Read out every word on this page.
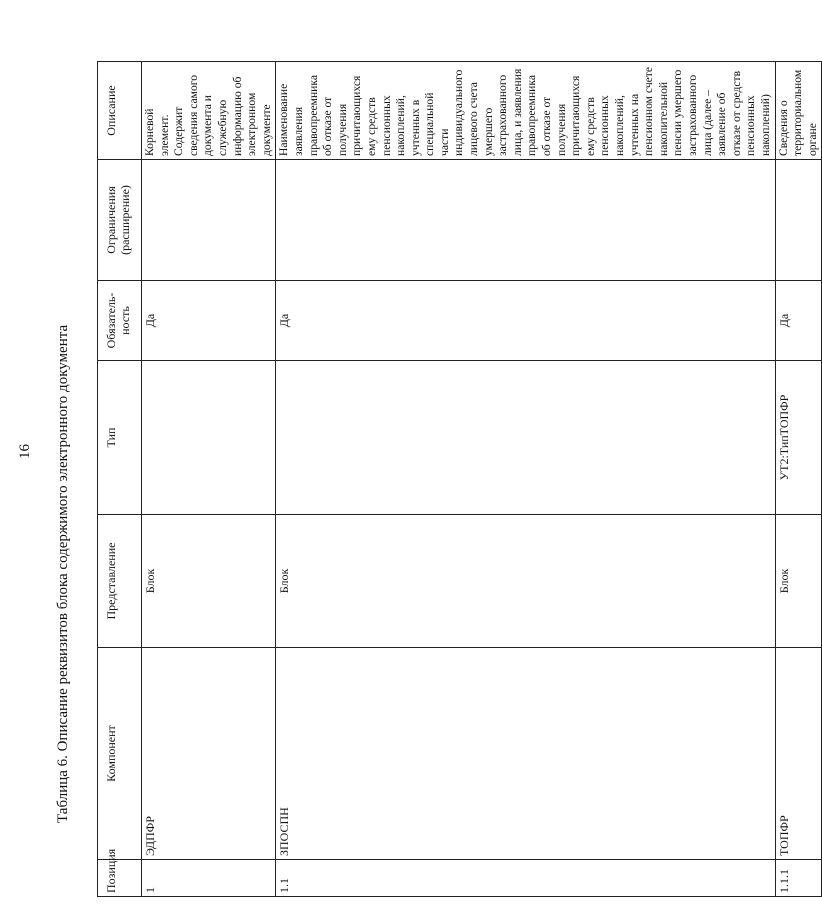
16 Таблица 6. Описание реквизитов блока содержимого электронного документа
Позиция	Компонент	Представление	Тип	Обязатель-ность	Ограничения (расширение)	Описание
1	ЭДПФР	Блок		Да		Корневой элемент. Содержит сведения самого документа и служебную информацию об электронном документе
1.1	ЗПОСПН	Блок		Да		Наименование заявления правопреемника об отказе от получения причитающихся ему средств пенсионных накоплений, учтенных в специальной части индивидуального лицевого счета умершего застрахованного лица, и заявления правопреемника об отказе от получения причитающихся ему средств пенсионных накоплений, учтенных на пенсионном счете накопительной пенсии умершего застрахованного лица (далее – заявление об отказе от средств пенсионных накоплений)
1.1.1	ТОПФР	Блок	УТ2:ТипТОПФР	Да		Сведения о территориальном органе
